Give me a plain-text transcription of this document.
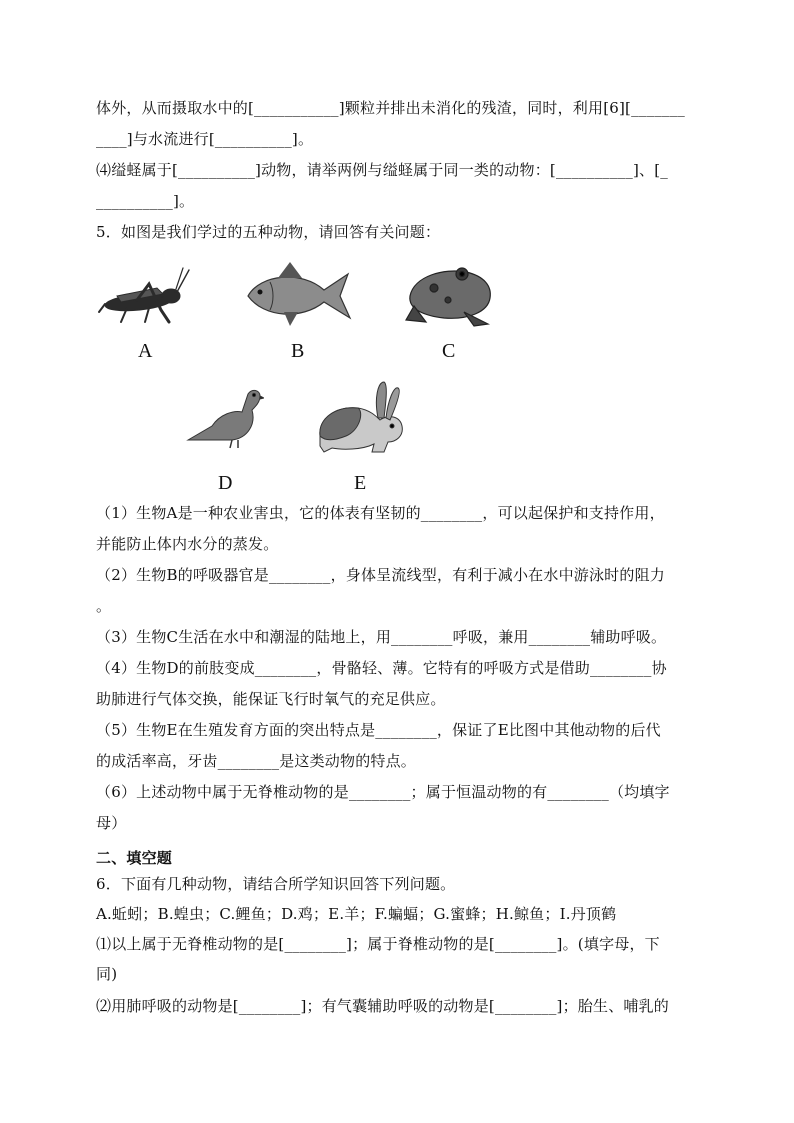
体外，从而摄取水中的[___________]颗粒并排出未消化的残渣，同时，利用[6][_______
____]与水流进行[__________]。
⑷缢蛏属于[__________]动物，请举两例与缢蛏属于同一类的动物：[__________]、[_
__________]。
5．如图是我们学过的五种动物，请回答有关问题：
A	B	C
D	E
（1）生物A是一种农业害虫，它的体表有坚韧的________，可以起保护和支持作用，
并能防止体内水分的蒸发。
（2）生物B的呼吸器官是________，身体呈流线型，有利于减小在水中游泳时的阻力
。
（3）生物C生活在水中和潮湿的陆地上，用________呼吸，兼用________辅助呼吸。
（4）生物D的前肢变成________，骨骼轻、薄。它特有的呼吸方式是借助________协
助肺进行气体交换，能保证飞行时氧气的充足供应。
（5）生物E在生殖发育方面的突出特点是________，保证了E比图中其他动物的后代
的成活率高，牙齿________是这类动物的特点。
（6）上述动物中属于无脊椎动物的是________；属于恒温动物的有________（均填字
母）
二、填空题
6．下面有几种动物，请结合所学知识回答下列问题。
A.蚯蚓；B.蝗虫；C.鲤鱼；D.鸡；E.羊；F.蝙蝠；G.蜜蜂；H.鲸鱼；I.丹顶鹤
⑴以上属于无脊椎动物的是[________]；属于脊椎动物的是[________]。(填字母，下
同)
⑵用肺呼吸的动物是[________]；有气囊辅助呼吸的动物是[________]；胎生、哺乳的
